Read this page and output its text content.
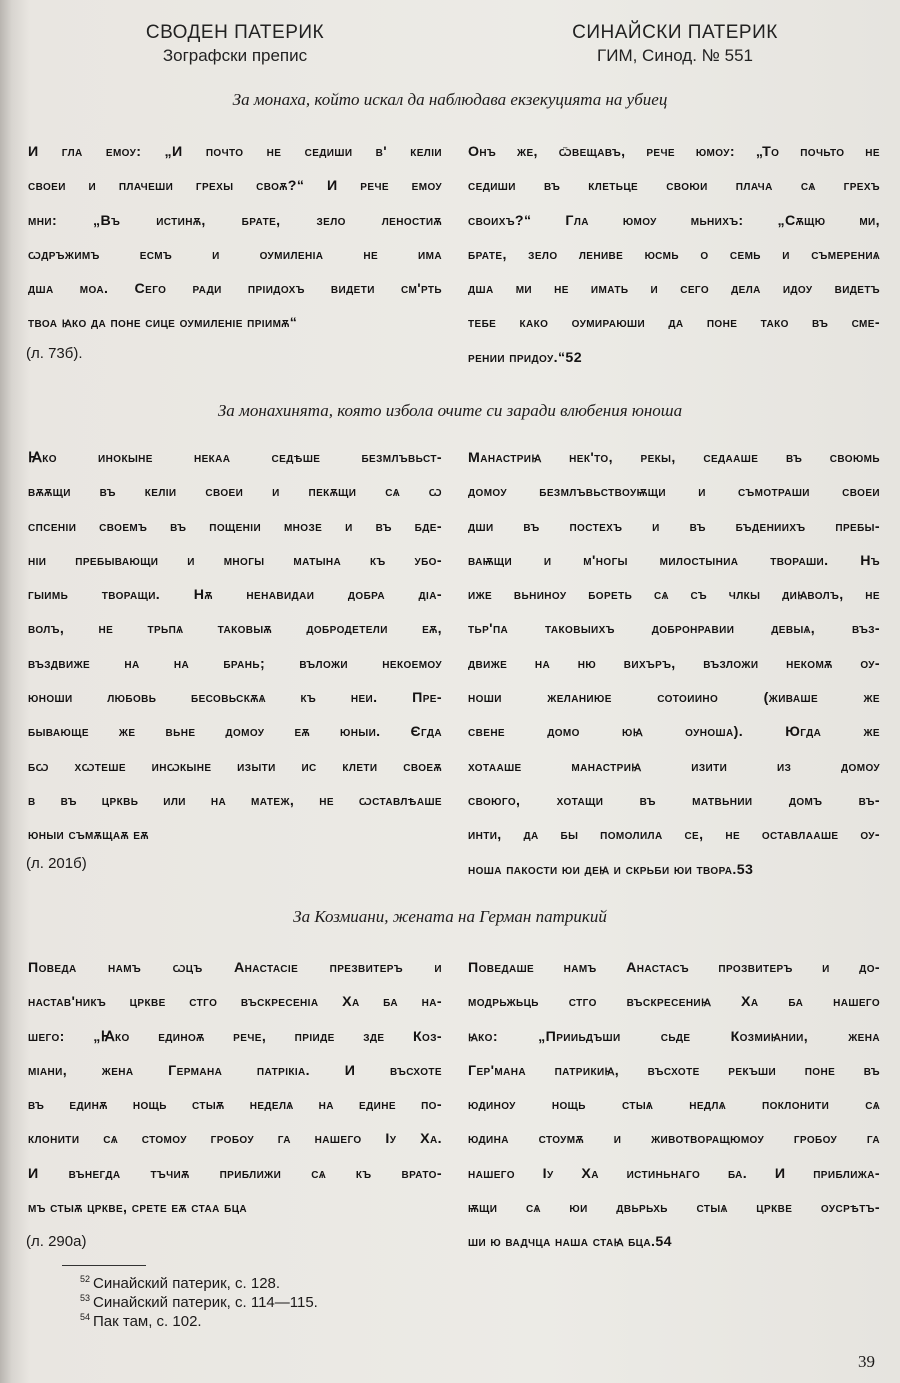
СВОДЕН ПАТЕРИК
Зографски препис
СИНАЙСКИ ПАТЕРИК
ГИМ, Синод. № 551
За монаха, който искал да наблюдава екзекуцията на убиец
И гла емоу: „И почто не седиши в' келіи
своеи и плачеши грехы своѫ?“ И рече емоу
мни: „Въ истинѫ, брате, зело леностиѫ
ѡдръжимъ есмъ и оумиленіа не има
дша моа. Сего ради пріидохъ видети см'рть
твоа ꙗко да поне сице оумиленіе пріимѫ“
Онъ же, ѿвещавъ, рече юмоу: „То почьто не
седиши въ клетьце своюи плача сѧ грехъ
своихъ?“ Гла юмоу мьнихъ: „Сѫщю ми,
брате, зело лениве юсмь о семь и съмерениѧ
дша ми не имать и сего дела идоу видетъ
тебе како оумираюши да поне тако въ сме-
рении придоу.“52
(л. 73б).
За монахинята, която избола очите си заради влюбения юноша
Ꙗко инокыне некаа седѣше безмлъвьст-
вѫѫщи въ келіи своеи и пекѫщи сѧ ѡ
спсеніи своемъ въ пощеніи мнозе и въ бде-
ніи пребывающи и многы матына къ убо-
гыимь творащи. Нѫ ненавидаи добра діа-
волъ, не трьпѧ таковыѫ добродетели еѫ,
въздвиже на на брань; въложи некоемоу
юноши любовь бесовьскѫѧ къ неи. Пре-
бывающе же вьне домоу еѫ юныи. Єгда
бѡ хѡтеше инѡкыне изыти ис клети своеѫ
в въ црквь или на матеж, не ѡставлѣаше
юныи съмѫщаѫ еѫ
Манастриꙗ нек'то, рекы, седааше въ своюмь
домоу безмлъвьствоуѭщи и съмотраши своеи
дши въ постехъ и въ бъдениихъ пребы-
ваѭщи и м'ногы милостыниа твораши. Нъ
иже вьниноу бореть сѧ съ члкы диꙗволъ, не
тьр'па таковыихъ добронравии девыѧ, въз-
движе на ню вихъръ, възложи некомѫ оу-
ноши желаниюе сотоиино (живаше же
свене домо юꙗ оуноша). Югда же
хотааше манастриꙗ изити из домоу
своюго, хотащи въ матвьнии домъ въ-
инти, да бы помолила се, не оставлааше оу-
ноша пакости юи деꙗ и скрьби юи твора.53
(л. 201б)
За Козмиани, жената на Герман патрикий
Поведа намъ ѡцъ Анастасіе презвитеръ и
настав'никъ црквe стго въскресеніа Ха ба на-
шего: „Ꙗко единоѫ рече, пріиде зде Коз-
міани, жена Германа патрікіа. И въсхоте
въ единѫ нощь стыѫ неделѧ на едине по-
клонити сѧ стомоу гробоу га нашего Іу Ха.
И вънегда тъчиѫ приближи сѧ къ врато-
мъ стыѫ црквe, срете еѫ стаа бца
Поведаше намъ Анастасъ прозвитеръ и до-
модрьжьць стго въскресениꙗ Ха ба нашего
ꙗко: „Прииьдъши сьде Козмиꙗнии, жена
Гер'мана патрикиꙗ, въсхоте рекъши поне въ
юдиноу нощь стыѧ недлѧ поклонити сѧ
юдина стоумѫ и животворащюмоу гробоу га
нашего Іу Ха истиньнаго ба. И приближа-
ѭщи сѧ юи двьрьхь стыѧ црквe оусрѣтъ-
ши ю вадчца наша стаꙗ бца.54
(л. 290а)
$^{52}$ Синайский патерик, с. 128.
$^{53}$ Синайский патерик, с. 114—115.
$^{54}$ Пак там, с. 102.
39
